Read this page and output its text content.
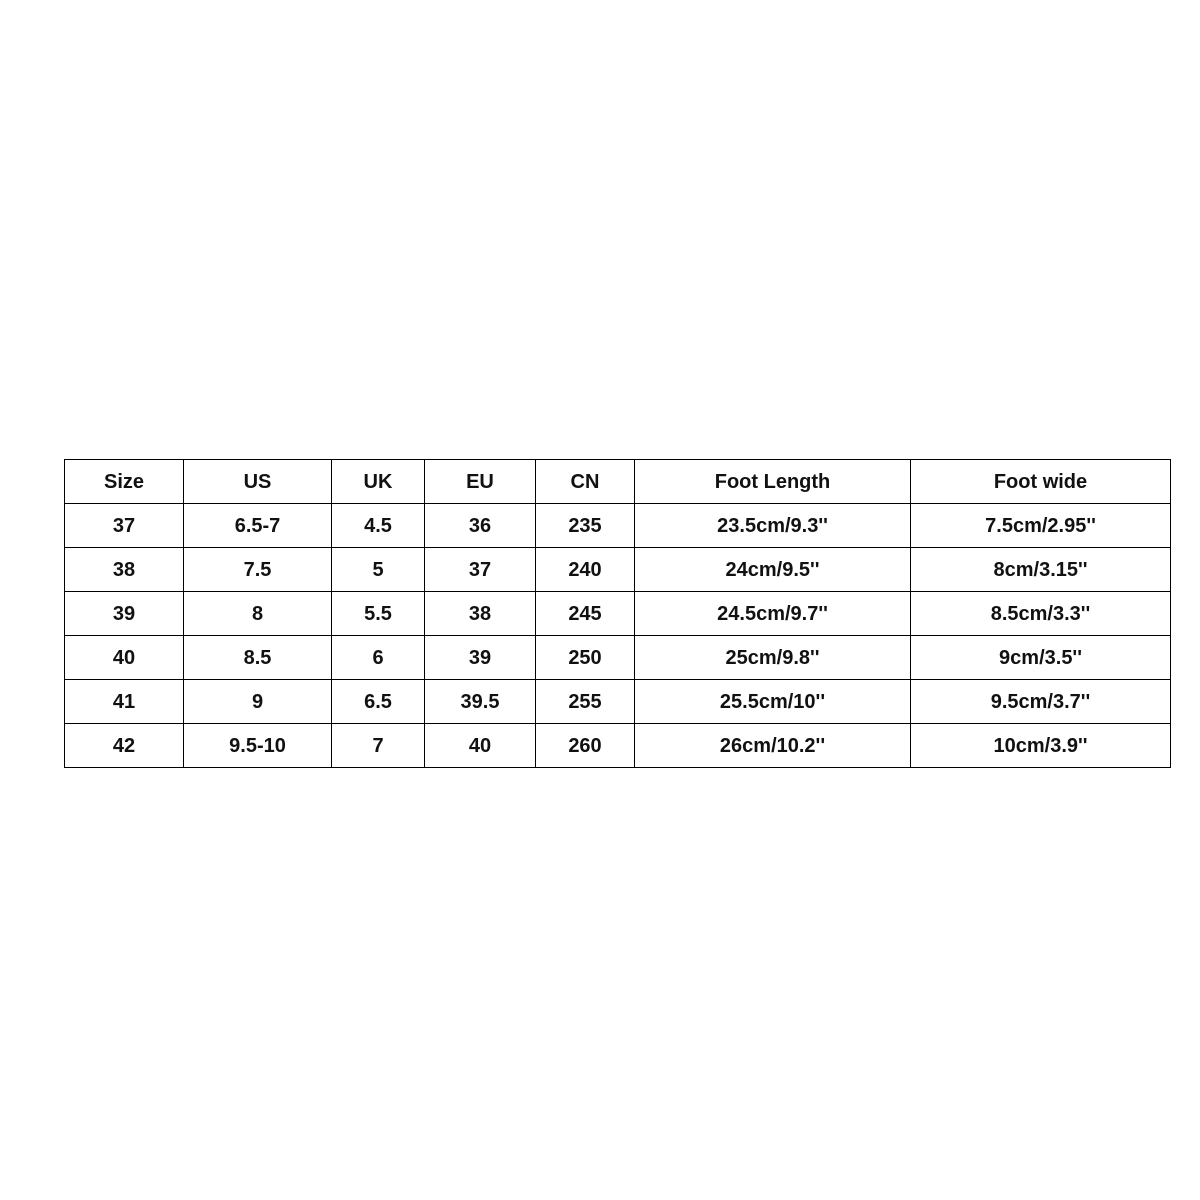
Size	US	UK	EU	CN	Foot Length	Foot wide
37	6.5-7	4.5	36	235	23.5cm/9.3''	7.5cm/2.95''
38	7.5	5	37	240	24cm/9.5''	8cm/3.15''
39	8	5.5	38	245	24.5cm/9.7''	8.5cm/3.3''
40	8.5	6	39	250	25cm/9.8''	9cm/3.5''
41	9	6.5	39.5	255	25.5cm/10''	9.5cm/3.7''
42	9.5-10	7	40	260	26cm/10.2''	10cm/3.9''
